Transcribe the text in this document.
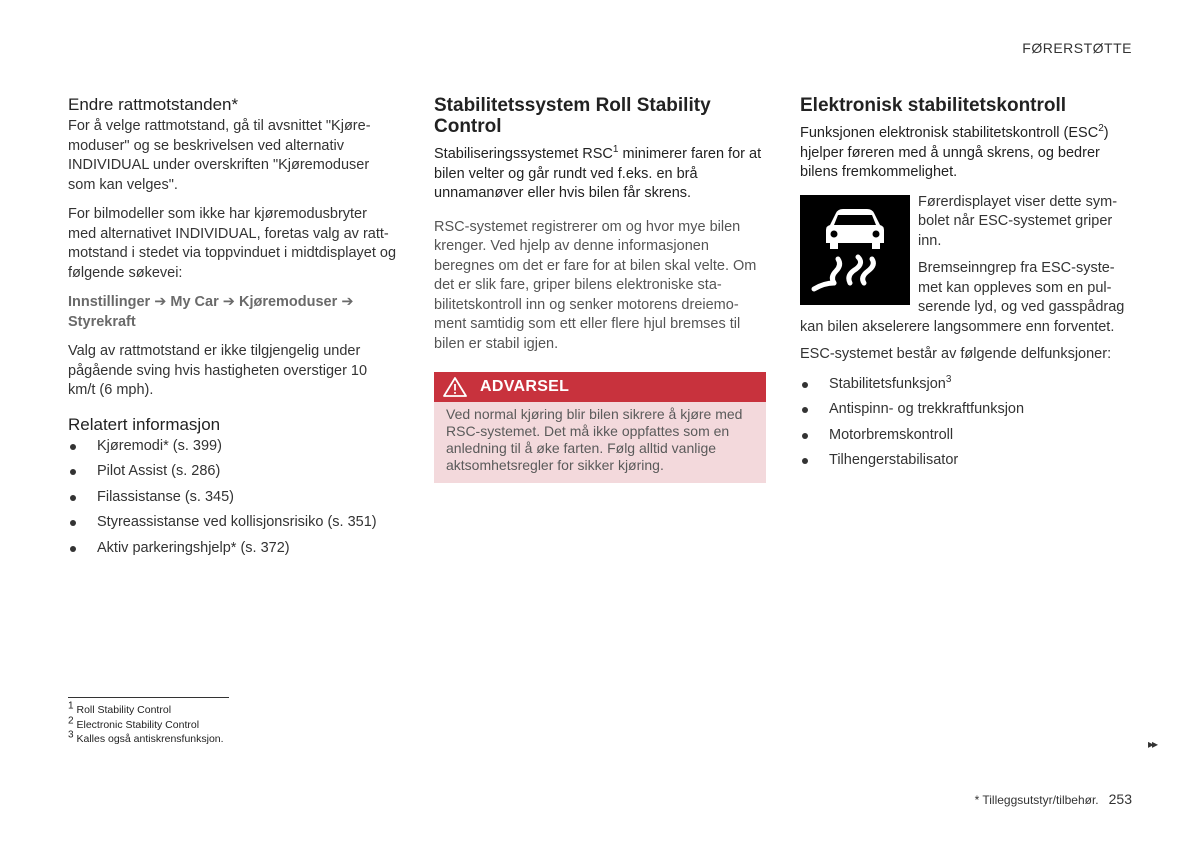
FØRERSTØTTE
Endre rattmotstanden*

For å velge rattmotstand, gå til avsnittet "Kjøre- moduser" og se beskrivelsen ved alternativ INDIVIDUAL under overskriften "Kjøremoduser som kan velges".

For bilmodeller som ikke har kjøremodusbryter med alternativet INDIVIDUAL, foretas valg av ratt- motstand i stedet via toppvinduet i midtdisplayet og følgende søkevei:

Innstillinger ➔ My Car ➔ Kjøremoduser ➔ Styrekraft

Valg av rattmotstand er ikke tilgjengelig under pågående sving hvis hastigheten overstiger 10 km/t (6 mph).

Relatert informasjon
Kjøremodi* (s. 399)
Pilot Assist (s. 286)
Filassistanse (s. 345)
Styreassistanse ved kollisjonsrisiko (s. 351)
Aktiv parkeringshjelp* (s. 372)
Stabilitetssystem Roll Stability Control

Stabiliseringssystemet RSC$^1$ minimerer faren for at bilen velter og går rundt ved f.eks. en brå unnamanøver eller hvis bilen får skrens.

RSC-systemet registrerer om og hvor mye bilen krenger. Ved hjelp av denne informasjonen beregnes om det er fare for at bilen skal velte. Om det er slik fare, griper bilens elektroniske sta- bilitetskontroll inn og senker motorens dreiemo- ment samtidig som ett eller flere hjul bremses til bilen er stabil igjen.

ADVARSEL
Ved normal kjøring blir bilen sikrere å kjøre med RSC-systemet. Det må ikke oppfattes som en anledning til å øke farten. Følg alltid vanlige aktsomhetsregler for sikker kjøring.
Elektronisk stabilitetskontroll

Funksjonen elektronisk stabilitetskontroll (ESC$^2$) hjelper føreren med å unngå skrens, og bedrer bilens fremkommelighet.

Førerdisplayet viser dette sym- bolet når ESC-systemet griper inn.

Bremseinngrep fra ESC-syste- met kan oppleves som en pul- serende lyd, og ved gasspådrag kan bilen akselerere langsommere enn forventet.

ESC-systemet består av følgende delfunksjoner:

Stabilitetsfunksjon$^3$
Antispinn- og trekkraftfunksjon
Motorbremskontroll
Tilhengerstabilisator
$^1$ Roll Stability Control
$^2$ Electronic Stability Control
$^3$ Kalles også antiskrensfunksjon.	▸▸
* Tilleggsutstyr/tilbehør. 253
